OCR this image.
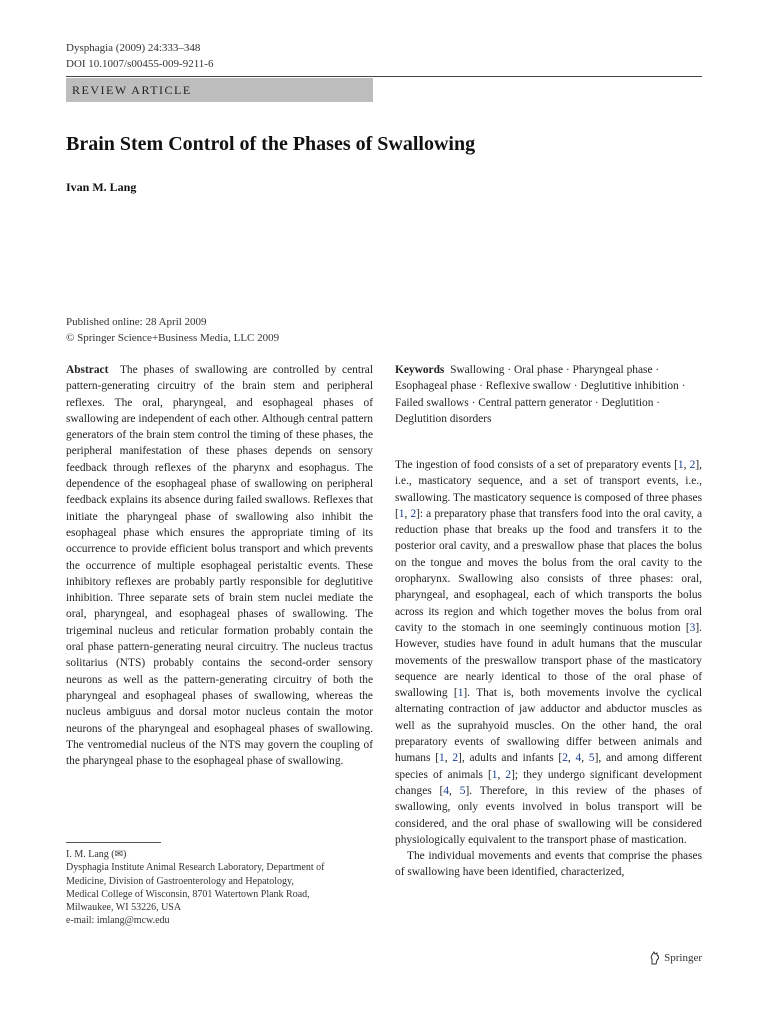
Dysphagia (2009) 24:333–348
DOI 10.1007/s00455-009-9211-6
REVIEW ARTICLE
Brain Stem Control of the Phases of Swallowing
Ivan M. Lang
Published online: 28 April 2009
© Springer Science+Business Media, LLC 2009

Abstract The phases of swallowing are controlled by central pattern-generating circuitry of the brain stem and peripheral reflexes. The oral, pharyngeal, and esophageal phases of swallowing are independent of each other. Although central pattern generators of the brain stem control the timing of these phases, the peripheral manifestation of these phases depends on sensory feedback through reflexes of the pharynx and esophagus. The dependence of the esophageal phase of swallowing on peripheral feedback explains its absence during failed swallows. Reflexes that initiate the pharyngeal phase of swallowing also inhibit the esophageal phase which ensures the appropriate timing of its occurrence to provide efficient bolus transport and which prevents the occurrence of multiple esophageal peristaltic events. These inhibitory reflexes are probably partly responsible for deglutitive inhibition. Three separate sets of brain stem nuclei mediate the oral, pharyngeal, and esophageal phases of swallowing. The trigeminal nucleus and reticular formation probably contain the oral phase pattern-generating neural circuitry. The nucleus tractus solitarius (NTS) probably contains the second-order sensory neurons as well as the pattern-generating circuitry of both the pharyngeal and esophageal phases of swallowing, whereas the nucleus ambiguus and dorsal motor nucleus contain the motor neurons of the pharyngeal and esophageal phases of swallowing. The ventromedial nucleus of the NTS may govern the coupling of the pharyngeal phase to the esophageal phase of swallowing.

Keywords Swallowing · Oral phase · Pharyngeal phase · Esophageal phase · Reflexive swallow · Deglutitive inhibition · Failed swallows · Central pattern generator · Deglutition · Deglutition disorders

The ingestion of food consists of a set of preparatory events [1, 2], i.e., masticatory sequence, and a set of transport events, i.e., swallowing. The masticatory sequence is composed of three phases [1, 2]: a preparatory phase that transfers food into the oral cavity, a reduction phase that breaks up the food and transfers it to the posterior oral cavity, and a preswallow phase that places the bolus on the tongue and moves the bolus from the oral cavity to the oropharynx. Swallowing also consists of three phases: oral, pharyngeal, and esophageal, each of which transports the bolus across its region and which together moves the bolus from oral cavity to the stomach in one seemingly continuous motion [3]. However, studies have found in adult humans that the muscular movements of the preswallow transport phase of the masticatory sequence are nearly identical to those of the oral phase of swallowing [1]. That is, both movements involve the cyclical alternating contraction of jaw adductor and abductor muscles as well as the suprahyoid muscles. On the other hand, the oral preparatory events of swallowing differ between animals and humans [1, 2], adults and infants [2, 4, 5], and among different species of animals [1, 2]; they undergo significant development changes [4, 5]. Therefore, in this review of the phases of swallowing, only events involved in bolus transport will be considered, and the oral phase of swallowing will be considered physiologically equivalent to the transport phase of mastication.

The individual movements and events that comprise the phases of swallowing have been identified, characterized,

I. M. Lang (✉)
Dysphagia Institute Animal Research Laboratory, Department of
Medicine, Division of Gastroenterology and Hepatology,
Medical College of Wisconsin, 8701 Watertown Plank Road,
Milwaukee, WI 53226, USA
e-mail: imlang@mcw.edu
Springer
